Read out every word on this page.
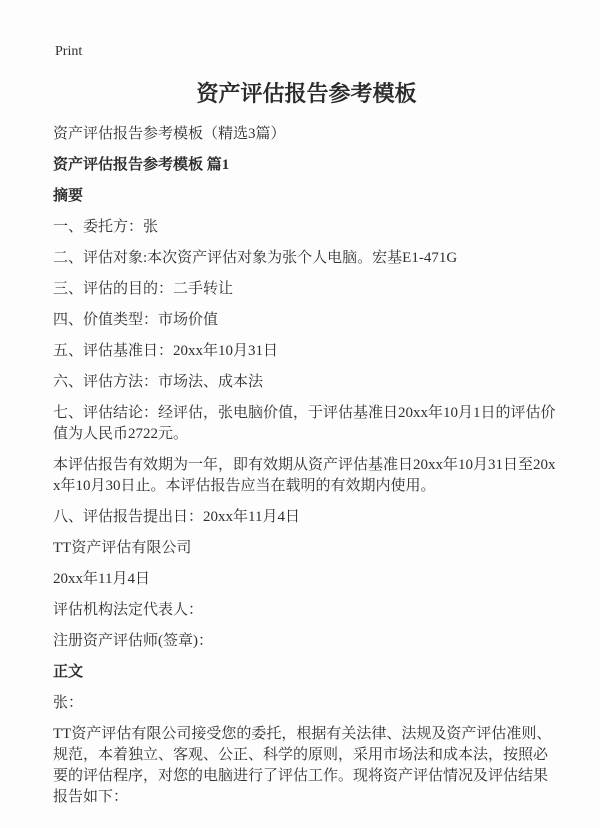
Print
资产评估报告参考模板

资产评估报告参考模板（精选3篇）

资产评估报告参考模板 篇1

摘要

一、委托方：张

二、评估对象:本次资产评估对象为张个人电脑。宏基E1-471G

三、评估的目的：二手转让

四、价值类型：市场价值

五、评估基准日：20xx年10月31日

六、评估方法：市场法、成本法

七、评估结论：经评估，张电脑价值，于评估基准日20xx年10月1日的评估价值为人民币2722元。

本评估报告有效期为一年，即有效期从资产评估基准日20xx年10月31日至20xx年10月30日止。本评估报告应当在载明的有效期内使用。

八、评估报告提出日：20xx年11月4日

TT资产评估有限公司

20xx年11月4日

评估机构法定代表人：

注册资产评估师(签章)：

正文

张：

TT资产评估有限公司接受您的委托，根据有关法律、法规及资产评估准则、规范，本着独立、客观、公正、科学的原则，采用市场法和成本法，按照必要的评估程序，对您的电脑进行了评估工作。现将资产评估情况及评估结果报告如下：
